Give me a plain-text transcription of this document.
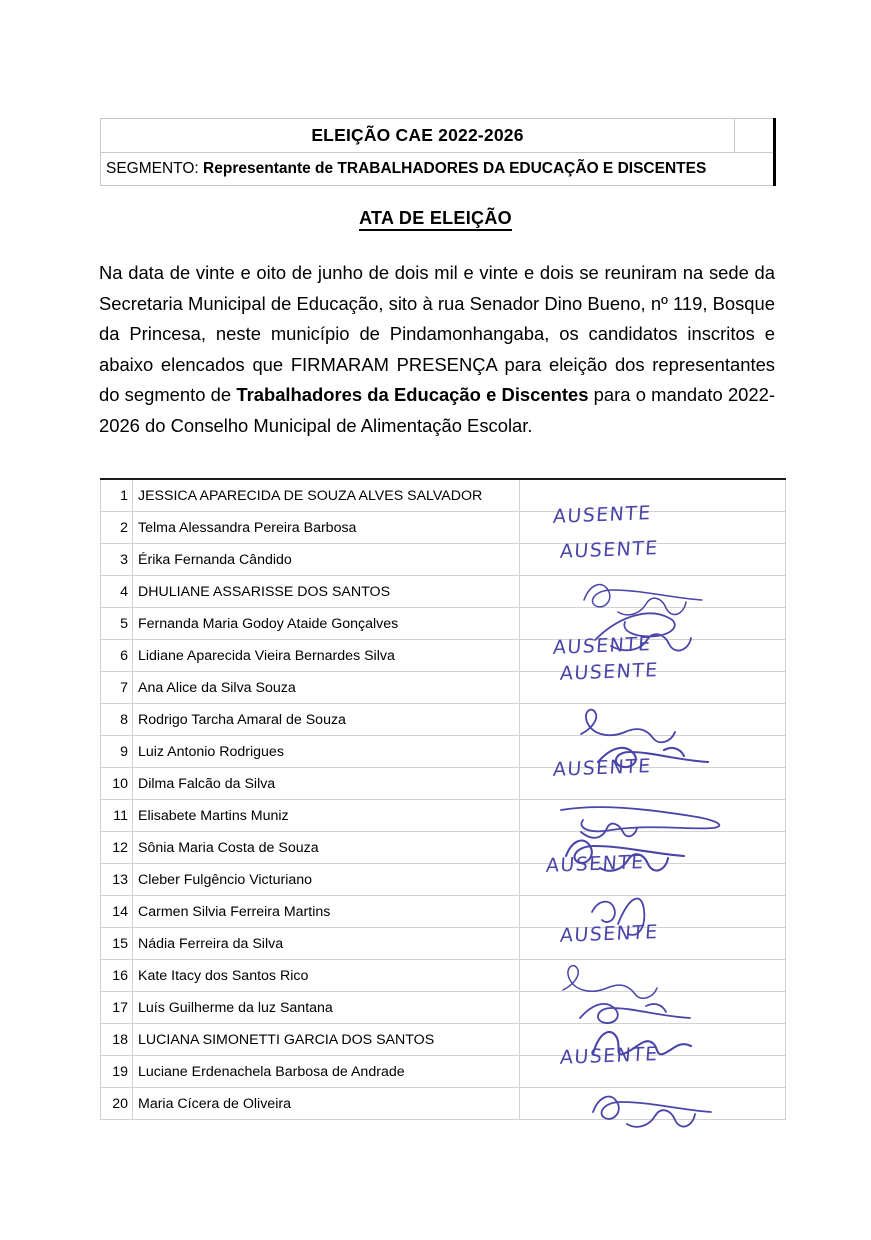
ELEIÇÃO CAE 2022-2026	
SEGMENTO: Representante de TRABALHADORES DA EDUCAÇÃO E DISCENTES
ATA DE ELEIÇÃO
Na data de vinte e oito de junho de dois mil e vinte e dois se reuniram na sede da Secretaria Municipal de Educação, sito à rua Senador Dino Bueno, nº 119, Bosque da Princesa, neste município de Pindamonhangaba, os candidatos inscritos e abaixo elencados que FIRMARAM PRESENÇA para eleição dos representantes do segmento de Trabalhadores da Educação e Discentes para o mandato 2022-2026 do Conselho Municipal de Alimentação Escolar.
1	JESSICA APARECIDA DE SOUZA ALVES SALVADOR	
2	Telma Alessandra Pereira Barbosa	AUSENTE

3	Érika Fernanda Cândido	AUSENTE

4	DHULIANE ASSARISSE DOS SANTOS	

5	Fernanda Maria Godoy Ataide Gonçalves	

6	Lidiane Aparecida Vieira Bernardes Silva	AUSENTE

7	Ana Alice da Silva Souza	AUSENTE

8	Rodrigo Tarcha Amaral de Souza	

9	Luiz Antonio Rodrigues	

10	Dilma Falcão da Silva	AUSENTE

11	Elisabete Martins Muniz	

12	Sônia Maria Costa de Souza	

13	Cleber Fulgêncio Victuriano	AUSENTE

14	Carmen Silvia Ferreira Martins	

15	Nádia Ferreira da Silva	AUSENTE

16	Kate Itacy dos Santos Rico	

17	Luís Guilherme da luz Santana	

18	LUCIANA SIMONETTI GARCIA DOS SANTOS	

19	Luciane Erdenachela Barbosa de Andrade	AUSENTE

20	Maria Cícera de Oliveira	
